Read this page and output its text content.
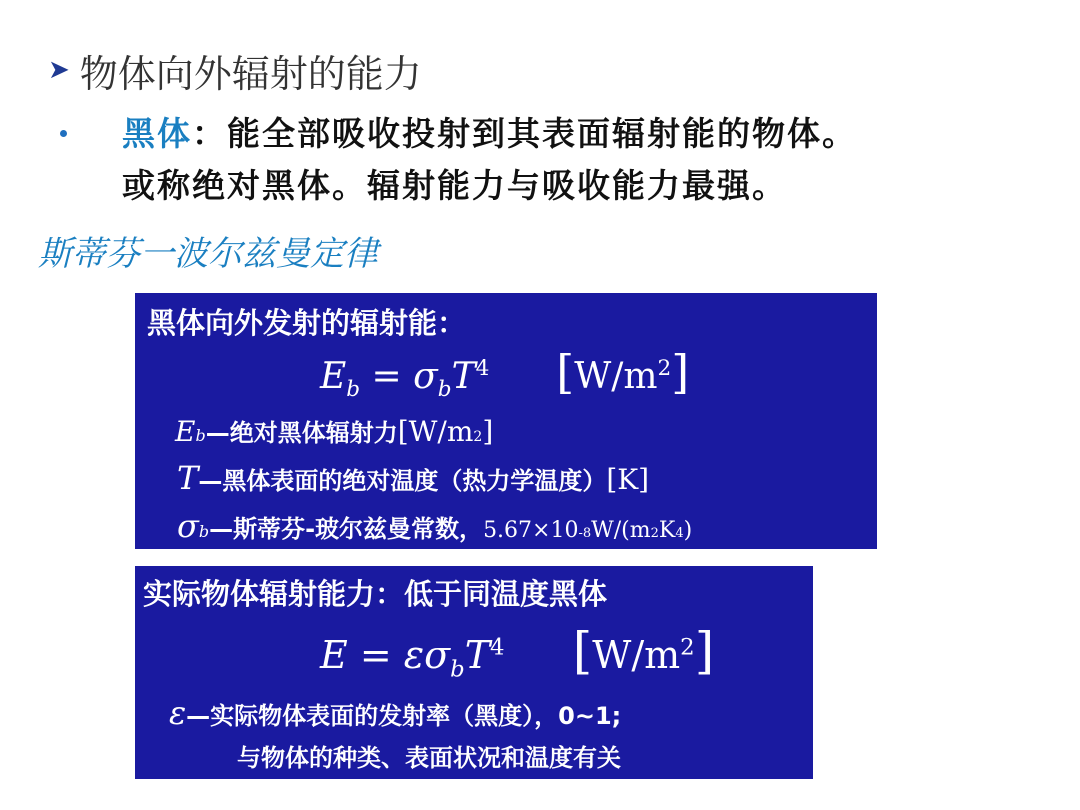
➤ 物体向外辐射的能力
黑体：能全部吸收投射到其表面辐射能的物体。
或称绝对黑体。辐射能力与吸收能力最强。
斯蒂芬一波尔兹曼定律
黑体向外发射的辐射能：
$E_b = \sigma_bT^4$ $[W/m^2]$
E b — 绝对黑体辐射力 [W/m 2 ]
T — 黑体表面的绝对温度（热力学温度） [K]
σ b — 斯蒂芬-玻尔兹曼常数， 5.67×10 -8 W/(m 2 K 4 )
实际物体辐射能力：低于同温度黑体
$E = \varepsilon\sigma_bT^4$ $[W/m^2]$
ε — 实际物体表面的发射率（黑度）， 0~1;
与物体的种类、表面状况和温度有关
